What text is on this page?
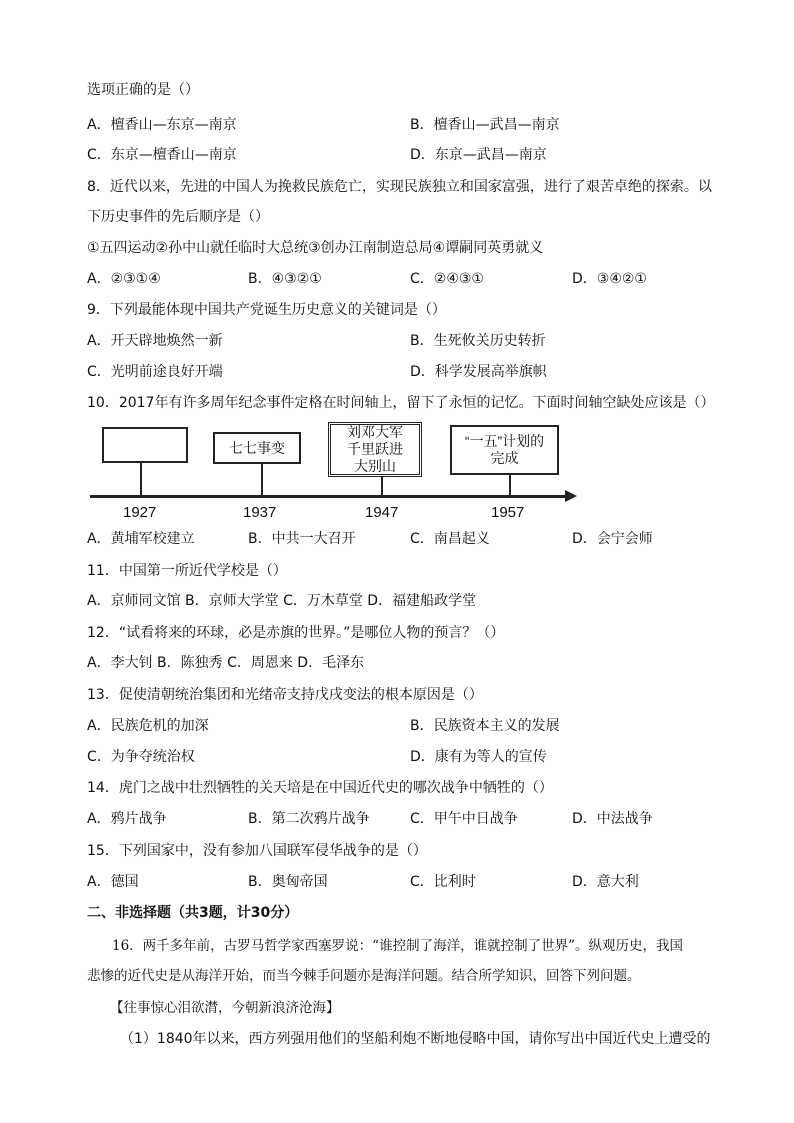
选项正确的是（）
A．檀香山—东京—南京	B．檀香山—武昌—南京
C．东京—檀香山—南京	D．东京—武昌—南京
8．近代以来，先进的中国人为挽救民族危亡，实现民族独立和国家富强，进行了艰苦卓绝的探索。以
下历史事件的先后顺序是（）
①五四运动②孙中山就任临时大总统③创办江南制造总局④谭嗣同英勇就义
A．②③①④	B．④③②①	C．②④③①	D．③④②①
9．下列最能体现中国共产党诞生历史意义的关键词是（）
A．开天辟地焕然一新	B．生死攸关历史转折
C．光明前途良好开端	D．科学发展高举旗帜
10．2017年有许多周年纪念事件定格在时间轴上，留下了永恒的记忆。下面时间轴空缺处应该是（）
七七事变
刘邓大军
千里跃进
大别山
“一五”计划的
完成
1927	1937	1947	1957
A．黄埔军校建立	B．中共一大召开	C．南昌起义	D．会宁会师
11．中国第一所近代学校是（）
A．京师同文馆 B．京师大学堂 C．万木草堂 D．福建船政学堂
12．“试看将来的环球，必是赤旗的世界。”是哪位人物的预言？（）
A．李大钊 B．陈独秀 C．周恩来 D．毛泽东
13．促使清朝统治集团和光绪帝支持戊戌变法的根本原因是（）
A．民族危机的加深	B．民族资本主义的发展
C．为争夺统治权	D．康有为等人的宣传
14．虎门之战中壮烈牺牲的关天培是在中国近代史的哪次战争中牺牲的（）
A．鸦片战争	B．第二次鸦片战争	C．甲午中日战争	D．中法战争
15．下列国家中，没有参加八国联军侵华战争的是（）
A．德国	B．奥匈帝国	C．比利时	D．意大利
二、非选择题（共3题，计30分）
16．两千多年前，古罗马哲学家西塞罗说：“谁控制了海洋，谁就控制了世界”。纵观历史，我国
悲惨的近代史是从海洋开始，而当今棘手问题亦是海洋问题。结合所学知识，回答下列问题。
【往事惊心泪欲潸，今朝新浪济沧海】
（1）1840年以来，西方列强用他们的坚船利炮不断地侵略中国，请你写出中国近代史上遭受的
